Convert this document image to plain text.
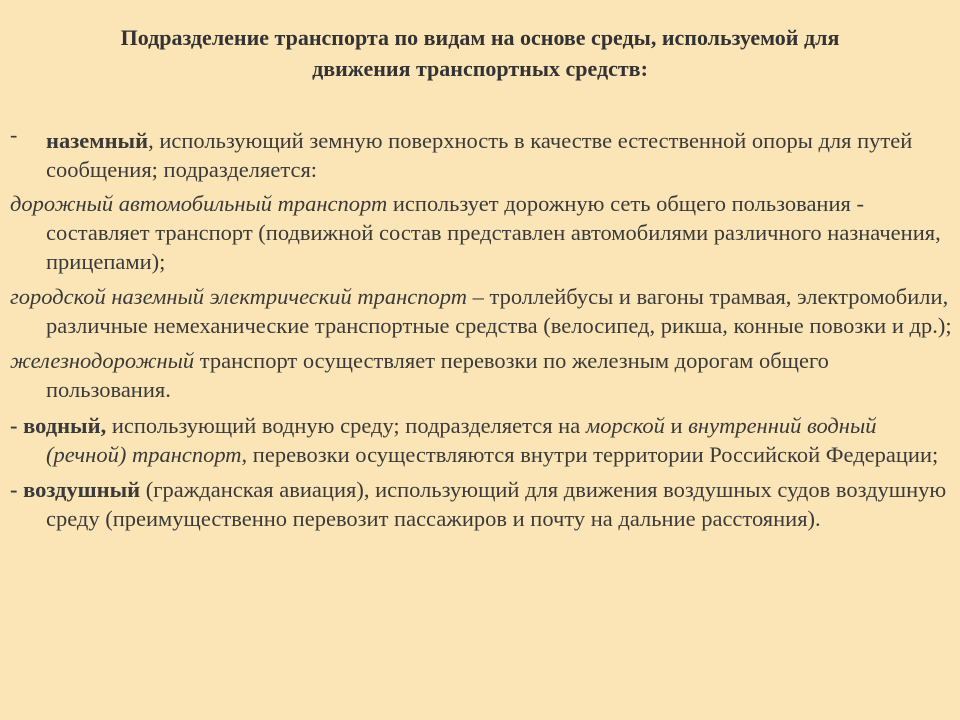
Подразделение транспорта по видам на основе среды, используемой для
движения транспортных средств:

- наземный, использующий земную поверхность в качестве естественной опоры для путей сообщения; подразделяется:

дорожный автомобильный транспорт использует дорожную сеть общего пользования - составляет транспорт (подвижной состав представлен автомобилями различного назначения, прицепами);

городской наземный электрический транспорт – троллейбусы и вагоны трамвая, электромобили, различные немеханические транспортные средства (велосипед, рикша, конные повозки и др.);

железнодорожный транспорт осуществляет перевозки по железным дорогам общего пользования.

- водный, использующий водную среду; подразделяется на морской и внутренний водный (речной) транспорт, перевозки осуществляются внутри территории Российской Федерации;

- воздушный (гражданская авиация), использующий для движения воздушных судов воздушную среду (преимущественно перевозит пассажиров и почту на дальние расстояния).
